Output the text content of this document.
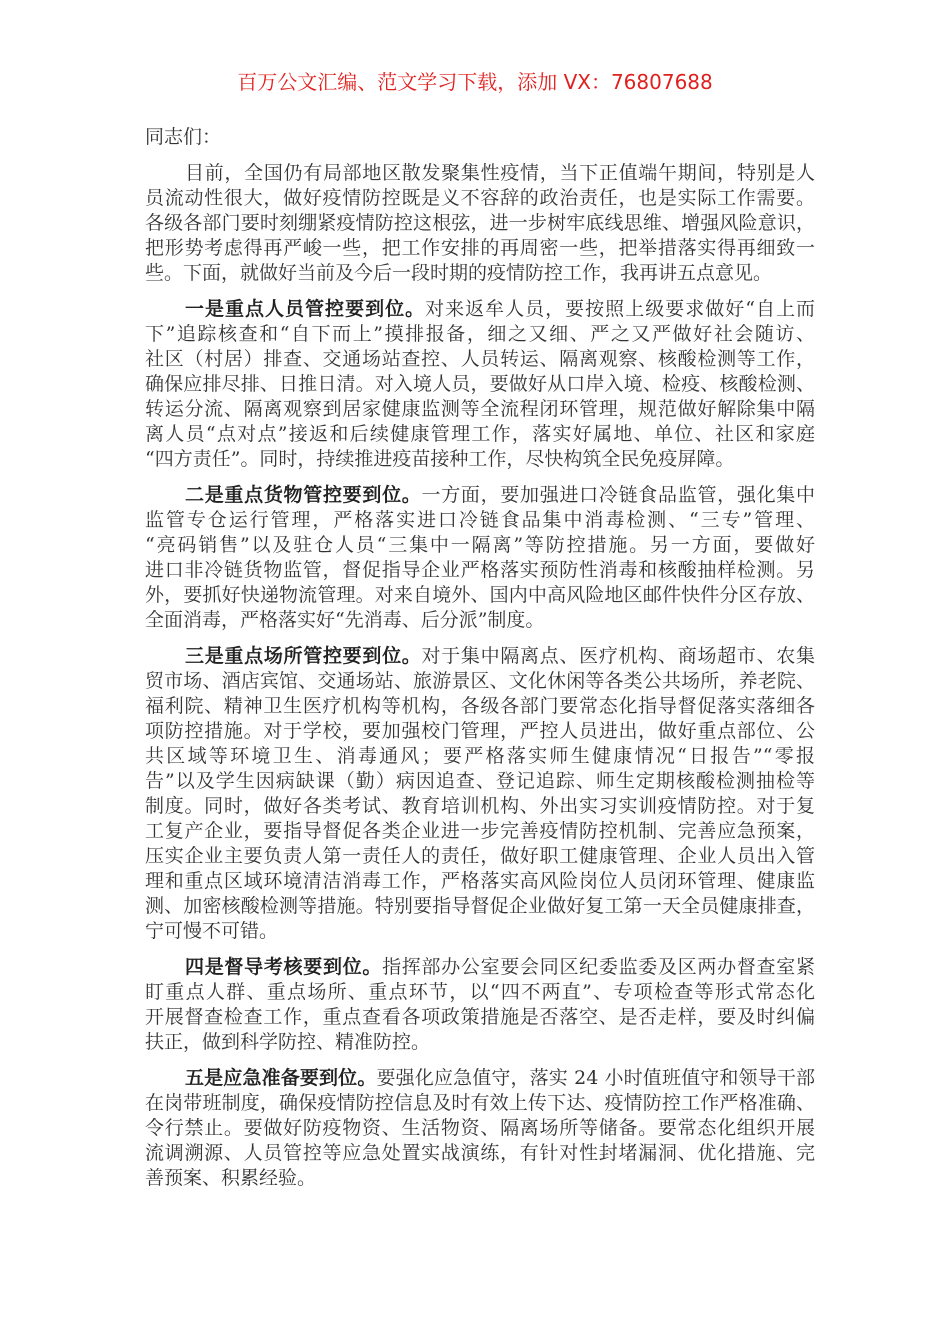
百万公文汇编、范文学习下载，添加 VX：76807688
同志们：
目前，全国仍有局部地区散发聚集性疫情，当下正值端午期间，特别是人
员流动性很大，做好疫情防控既是义不容辞的政治责任，也是实际工作需要。
各级各部门要时刻绷紧疫情防控这根弦，进一步树牢底线思维、增强风险意识，
把形势考虑得再严峻一些，把工作安排的再周密一些，把举措落实得再细致一
些。下面，就做好当前及今后一段时期的疫情防控工作，我再讲五点意见。
一是重点人员管控要到位。对来返牟人员，要按照上级要求做好“自上而
下”追踪核查和“自下而上”摸排报备，细之又细、严之又严做好社会随访、
社区（村居）排查、交通场站查控、人员转运、隔离观察、核酸检测等工作，
确保应排尽排、日推日清。对入境人员，要做好从口岸入境、检疫、核酸检测、
转运分流、隔离观察到居家健康监测等全流程闭环管理，规范做好解除集中隔
离人员“点对点”接返和后续健康管理工作，落实好属地、单位、社区和家庭
“四方责任”。同时，持续推进疫苗接种工作，尽快构筑全民免疫屏障。
二是重点货物管控要到位。一方面，要加强进口冷链食品监管，强化集中
监管专仓运行管理，严格落实进口冷链食品集中消毒检测、“三专”管理、
“亮码销售”以及驻仓人员“三集中一隔离”等防控措施。另一方面，要做好
进口非冷链货物监管，督促指导企业严格落实预防性消毒和核酸抽样检测。另
外，要抓好快递物流管理。对来自境外、国内中高风险地区邮件快件分区存放、
全面消毒，严格落实好“先消毒、后分派”制度。
三是重点场所管控要到位。对于集中隔离点、医疗机构、商场超市、农集
贸市场、酒店宾馆、交通场站、旅游景区、文化休闲等各类公共场所，养老院、
福利院、精神卫生医疗机构等机构，各级各部门要常态化指导督促落实落细各
项防控措施。对于学校，要加强校门管理，严控人员进出，做好重点部位、公
共区域等环境卫生、消毒通风；要严格落实师生健康情况“日报告”“零报
告”以及学生因病缺课（勤）病因追查、登记追踪、师生定期核酸检测抽检等
制度。同时，做好各类考试、教育培训机构、外出实习实训疫情防控。对于复
工复产企业，要指导督促各类企业进一步完善疫情防控机制、完善应急预案，
压实企业主要负责人第一责任人的责任，做好职工健康管理、企业人员出入管
理和重点区域环境清洁消毒工作，严格落实高风险岗位人员闭环管理、健康监
测、加密核酸检测等措施。特别要指导督促企业做好复工第一天全员健康排查，
宁可慢不可错。
四是督导考核要到位。指挥部办公室要会同区纪委监委及区两办督查室紧
盯重点人群、重点场所、重点环节，以“四不两直”、专项检查等形式常态化
开展督查检查工作，重点查看各项政策措施是否落空、是否走样，要及时纠偏
扶正，做到科学防控、精准防控。
五是应急准备要到位。要强化应急值守，落实 24 小时值班值守和领导干部
在岗带班制度，确保疫情防控信息及时有效上传下达、疫情防控工作严格准确、
令行禁止。要做好防疫物资、生活物资、隔离场所等储备。要常态化组织开展
流调溯源、人员管控等应急处置实战演练，有针对性封堵漏洞、优化措施、完
善预案、积累经验。
